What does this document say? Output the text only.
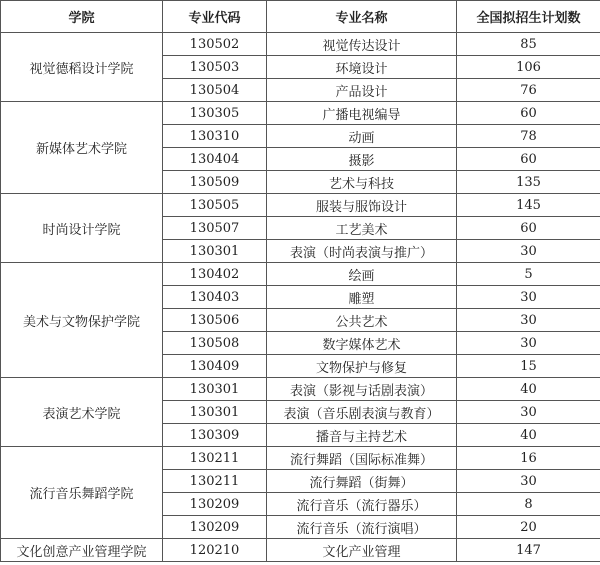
学院	专业代码	专业名称	全国拟招生计划数
视觉德稻设计学院	130502	视觉传达设计	85
	130503	环境设计	106
	130504	产品设计	76
新媒体艺术学院	130305	广播电视编导	60
	130310	动画	78
	130404	摄影	60
	130509	艺术与科技	135
时尚设计学院	130505	服装与服饰设计	145
	130507	工艺美术	60
	130301	表演（时尚表演与推广）	30
美术与文物保护学院	130402	绘画	5
	130403	雕塑	30
	130506	公共艺术	30
	130508	数字媒体艺术	30
	130409	文物保护与修复	15
表演艺术学院	130301	表演（影视与话剧表演）	40
	130301	表演（音乐剧表演与教育）	30
	130309	播音与主持艺术	40
流行音乐舞蹈学院	130211	流行舞蹈（国际标准舞）	16
	130211	流行舞蹈（街舞）	30
	130209	流行音乐（流行器乐）	8
	130209	流行音乐（流行演唱）	20
文化创意产业管理学院	120210	文化产业管理	147
